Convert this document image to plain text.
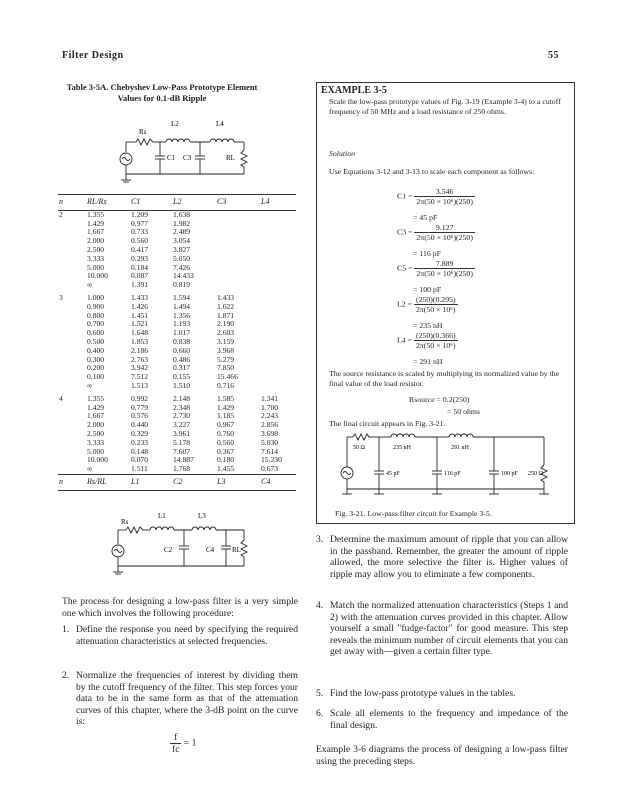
Filter Design	55
Table 3-5A. Chebyshev Low-Pass Prototype Element
Values for 0.1-dB Ripple
Rs
L2	L4
C1 C3	RL
n	RL/Rs	C1	L2	C3	L4
2	1.355	1.209	1.638		
	1.429	0.977	1.982		
	1.667	0.733	2.489		
	2.000	0.560	3.054		
	2.500	0.417	3.827		
	3.333	0.293	5.050		
	5.000	0.184	7.426		
	10.000	0.087	14.433		
	∞	1.391	0.819		
3	1.000	1.433	1.594	1.433	
	0.900	1.426	1.494	1.622	
	0.800	1.451	1.356	1.871	
	0.700	1.521	1.193	2.190	
	0.600	1.648	1.017	2.603	
	0.500	1.853	0.838	3.159	
	0.400	2.186	0.660	3.968	
	0.300	2.763	0.486	5.279	
	0.200	3.942	0.317	7.850	
	0.100	7.512	0.155	15.466	
	∞	1.513	1.510	0.716	
4	1.355	0.992	2.148	1.585	1.341
	1.429	0.779	2.348	1.429	1.700
	1.667	0.576	2.730	1.185	2.243
	2.000	0.440	3.227	0.967	2.856
	2.500	0.329	3.961	0.760	3.698
	3.333	0.233	5.178	0.560	5.030
	5.000	0.148	7.607	0.367	7.614
	10.000	0.070	14.887	0.180	15.230
	∞	1.511	1.768	1.455	0.673
n	Rs/RL	L1	C2	L3	C4
Rs
L1	L3
C2	C4	RL
The process for designing a low-pass filter is a very simple one which involves the following procedure:
1. Define the response you need by specifying the required attenuation characteristics at selected frequencies.
2. Normalize the frequencies of interest by dividing them by the cutoff frequency of the filter. This step forces your data to be in the same form as that of the attenuation curves of this chapter, where the 3-dB point on the curve is:
$\frac{f}{fc} = 1$
EXAMPLE 3-5
Scale the low-pass prototype values of Fig. 3-19 (Example 3-4) to a cutoff frequency of 50 MHz and a load resistance of 250 ohms.
Solution
Use Equations 3-12 and 3-13 to scale each component as follows:
$C1 = \frac{3.546}{\text{2π(50 × 10⁶)(250)}}$
= 45 pF
$C3 = \frac{9.127}{\text{2π(50 × 10⁶)(250)}}$
= 116 pF
$C5 = \frac{7.889}{\text{2π(50 × 10⁶)(250)}}$
= 100 pF
$L2 = \frac{(250)(0.295)}{\text{2π(50 × 10⁶)}}$
= 235 nH
$L4 = \frac{(250)(0.366)}{\text{2π(50 × 10⁶)}}$
= 291 nH
The source resistance is scaled by multiplying its normalized value by the final value of the load resistor.
Rsource = 0.2(250)
= 50 ohms
The final circuit appears in Fig. 3-21.
50 Ω	235 nH	291 nH
45 pF	116 pF	100 pF 250 Ω
Fig. 3-21. Low-pass filter circuit for Example 3-5.
3. Determine the maximum amount of ripple that you can allow in the passband. Remember, the greater the amount of ripple allowed, the more selective the filter is. Higher values of ripple may allow you to eliminate a few components.
4. Match the normalized attenuation characteristics (Steps 1 and 2) with the attenuation curves provided in this chapter. Allow yourself a small "fudge-factor" for good measure. This step reveals the minimum number of circuit elements that you can get away with—given a certain filter type.
5. Find the low-pass prototype values in the tables.
6. Scale all elements to the frequency and impedance of the final design.
Example 3-6 diagrams the process of designing a low-pass filter using the preceding steps.
